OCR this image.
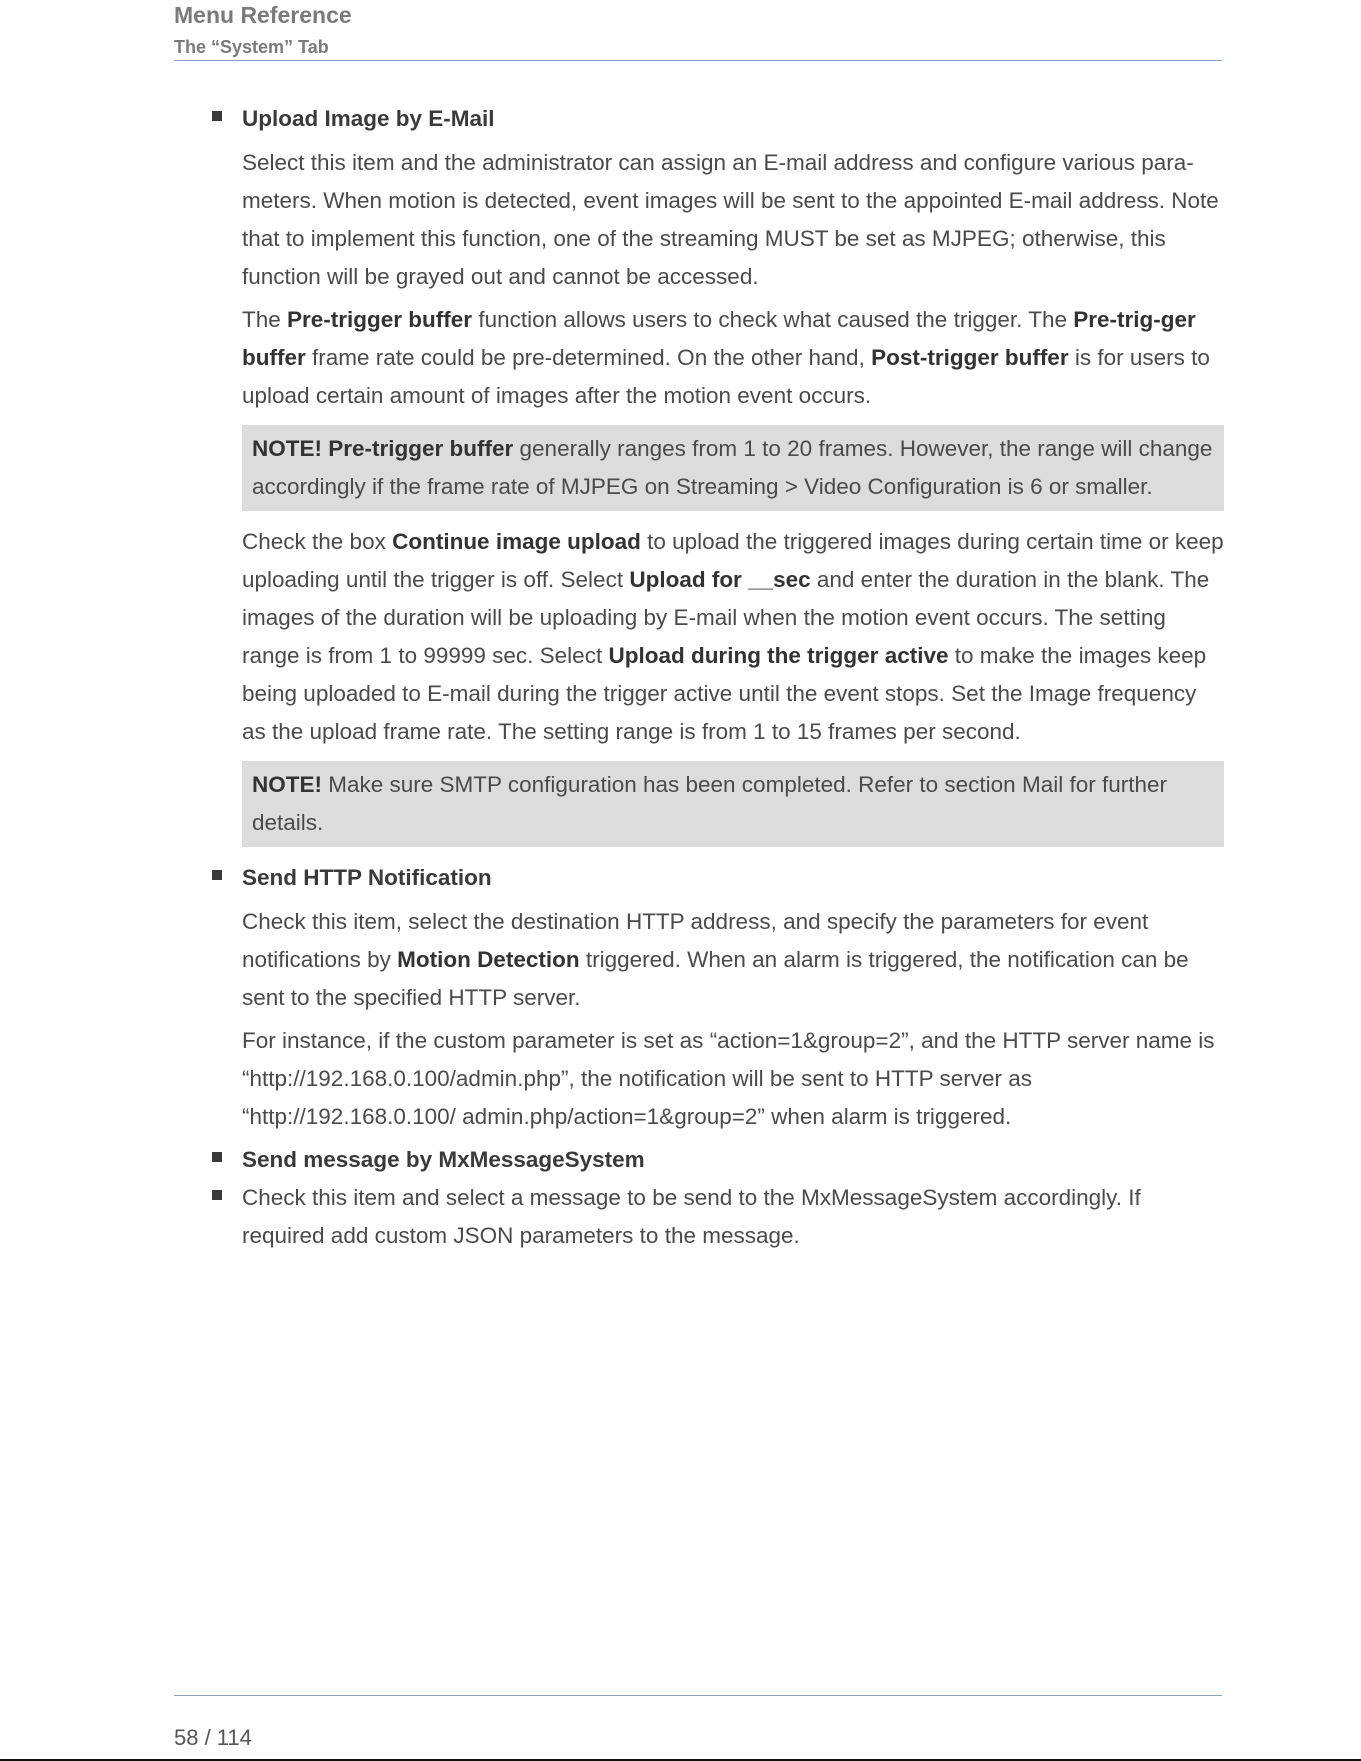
Menu Reference
The “System” Tab
Upload Image by E-Mail

Select this item and the administrator can assign an E-mail address and configure various para-meters. When motion is detected, event images will be sent to the appointed E-mail address. Note that to implement this function, one of the streaming MUST be set as MJPEG; otherwise, this function will be grayed out and cannot be accessed.

The Pre-trigger buffer function allows users to check what caused the trigger. The Pre-trig-ger buffer frame rate could be pre-determined. On the other hand, Post-trigger buffer is for users to upload certain amount of images after the motion event occurs.

NOTE! Pre-trigger buffer generally ranges from 1 to 20 frames. However, the range will change accordingly if the frame rate of MJPEG on Streaming > Video Configuration is 6 or smaller.

Check the box Continue image upload to upload the triggered images during certain time or keep uploading until the trigger is off. Select Upload for __sec and enter the duration in the blank. The images of the duration will be uploading by E-mail when the motion event occurs. The setting range is from 1 to 99999 sec. Select Upload during the trigger active to make the images keep being uploaded to E-mail during the trigger active until the event stops. Set the Image frequency as the upload frame rate. The setting range is from 1 to 15 frames per second.

NOTE! Make sure SMTP configuration has been completed. Refer to section Mail for further details.
Send HTTP Notification

Check this item, select the destination HTTP address, and specify the parameters for event notifications by Motion Detection triggered. When an alarm is triggered, the notification can be sent to the specified HTTP server.

For instance, if the custom parameter is set as “action=1&group=2”, and the HTTP server name is “http://192.168.0.100/admin.php”, the notification will be sent to HTTP server as “http://192.168.0.100/ admin.php/action=1&group=2” when alarm is triggered.

Send message by MxMessageSystem

Check this item and select a message to be send to the MxMessageSystem accordingly. If required add custom JSON parameters to the message.

58 / 114
